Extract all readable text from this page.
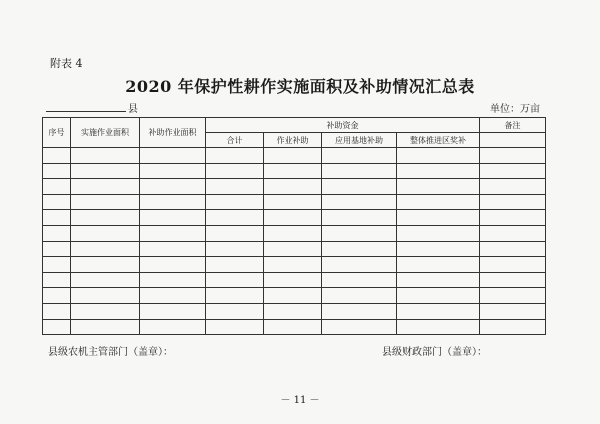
附表 4
2020 年保护性耕作实施面积及补助情况汇总表
县	单位：万亩
序号	实施作业面积	补助作业面积	补助资金				备注
			合计	作业补助	应用基地补助	整体推进区奖补	

县级农机主管部门（盖章）：	县级财政部门（盖章）：
－ 11 －
